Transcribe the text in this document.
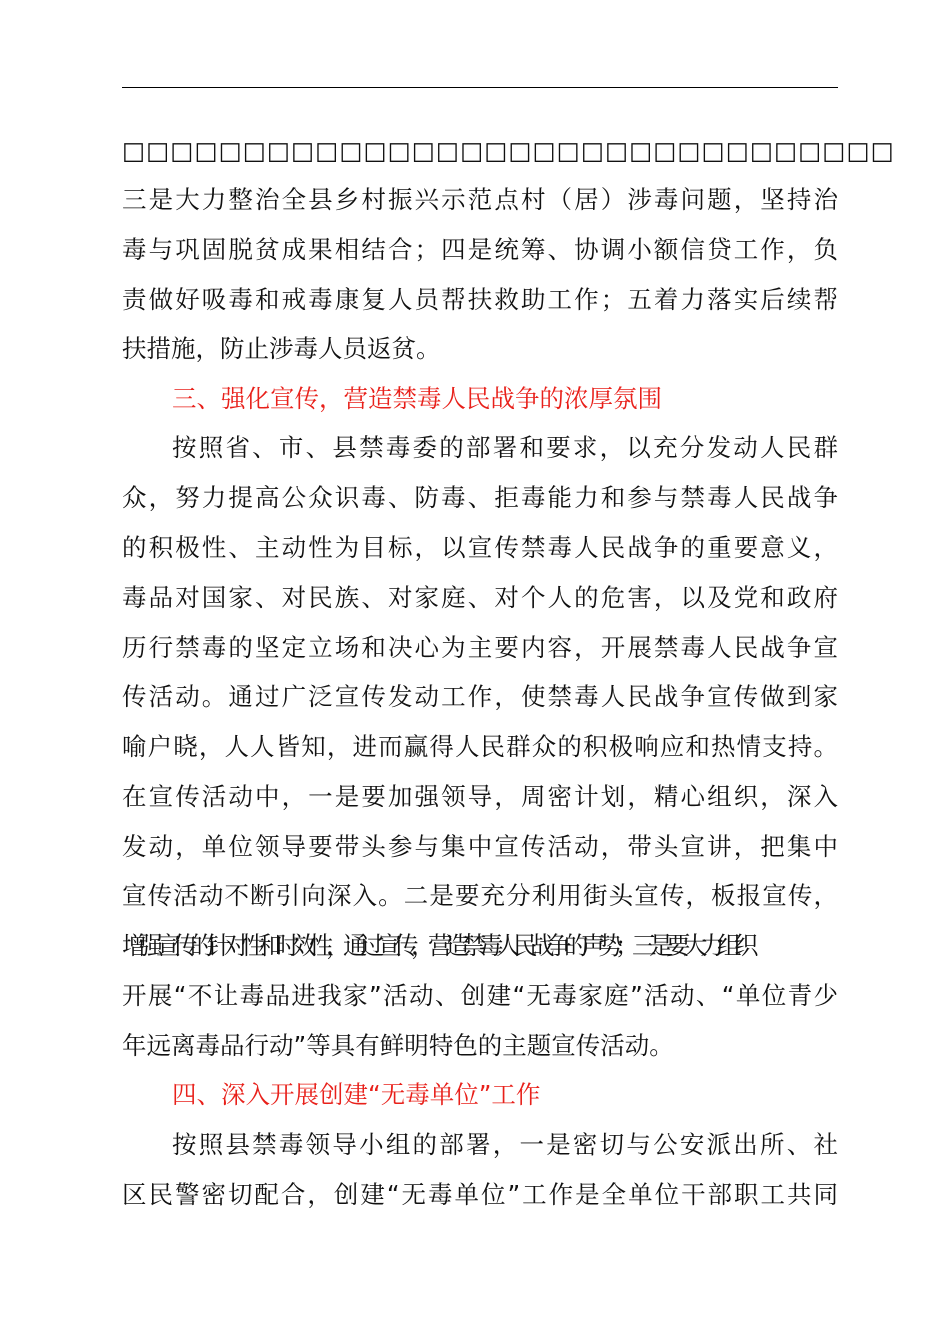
□□□□□□□□□□□□□□□□□□□□□□□□□□□□□□□□
三是大力整治全县乡村振兴示范点村（居）涉毒问题，坚持治
毒与巩固脱贫成果相结合；四是统筹、协调小额信贷工作，负
责做好吸毒和戒毒康复人员帮扶救助工作；五着力落实后续帮
扶措施，防止涉毒人员返贫。
三、强化宣传，营造禁毒人民战争的浓厚氛围
按照省、市、县禁毒委的部署和要求，以充分发动人民群
众，努力提高公众识毒、防毒、拒毒能力和参与禁毒人民战争
的积极性、主动性为目标，以宣传禁毒人民战争的重要意义，
毒品对国家、对民族、对家庭、对个人的危害，以及党和政府
历行禁毒的坚定立场和决心为主要内容，开展禁毒人民战争宣
传活动。通过广泛宣传发动工作，使禁毒人民战争宣传做到家
喻户晓，人人皆知，进而赢得人民群众的积极响应和热情支持。
在宣传活动中，一是要加强领导，周密计划，精心组织，深入
发动，单位领导要带头参与集中宣传活动，带头宣讲，把集中
宣传活动不断引向深入。二是要充分利用街头宣传，板报宣传，
增强宣传的针对性和时效性，通过宣传，营造禁毒人民战争的声势；三是要大力组织
开展“不让毒品进我家”活动、创建“无毒家庭”活动、“单位青少
年远离毒品行动”等具有鲜明特色的主题宣传活动。
四、深入开展创建“无毒单位”工作
按照县禁毒领导小组的部署，一是密切与公安派出所、社
区民警密切配合，创建“无毒单位”工作是全单位干部职工共同
